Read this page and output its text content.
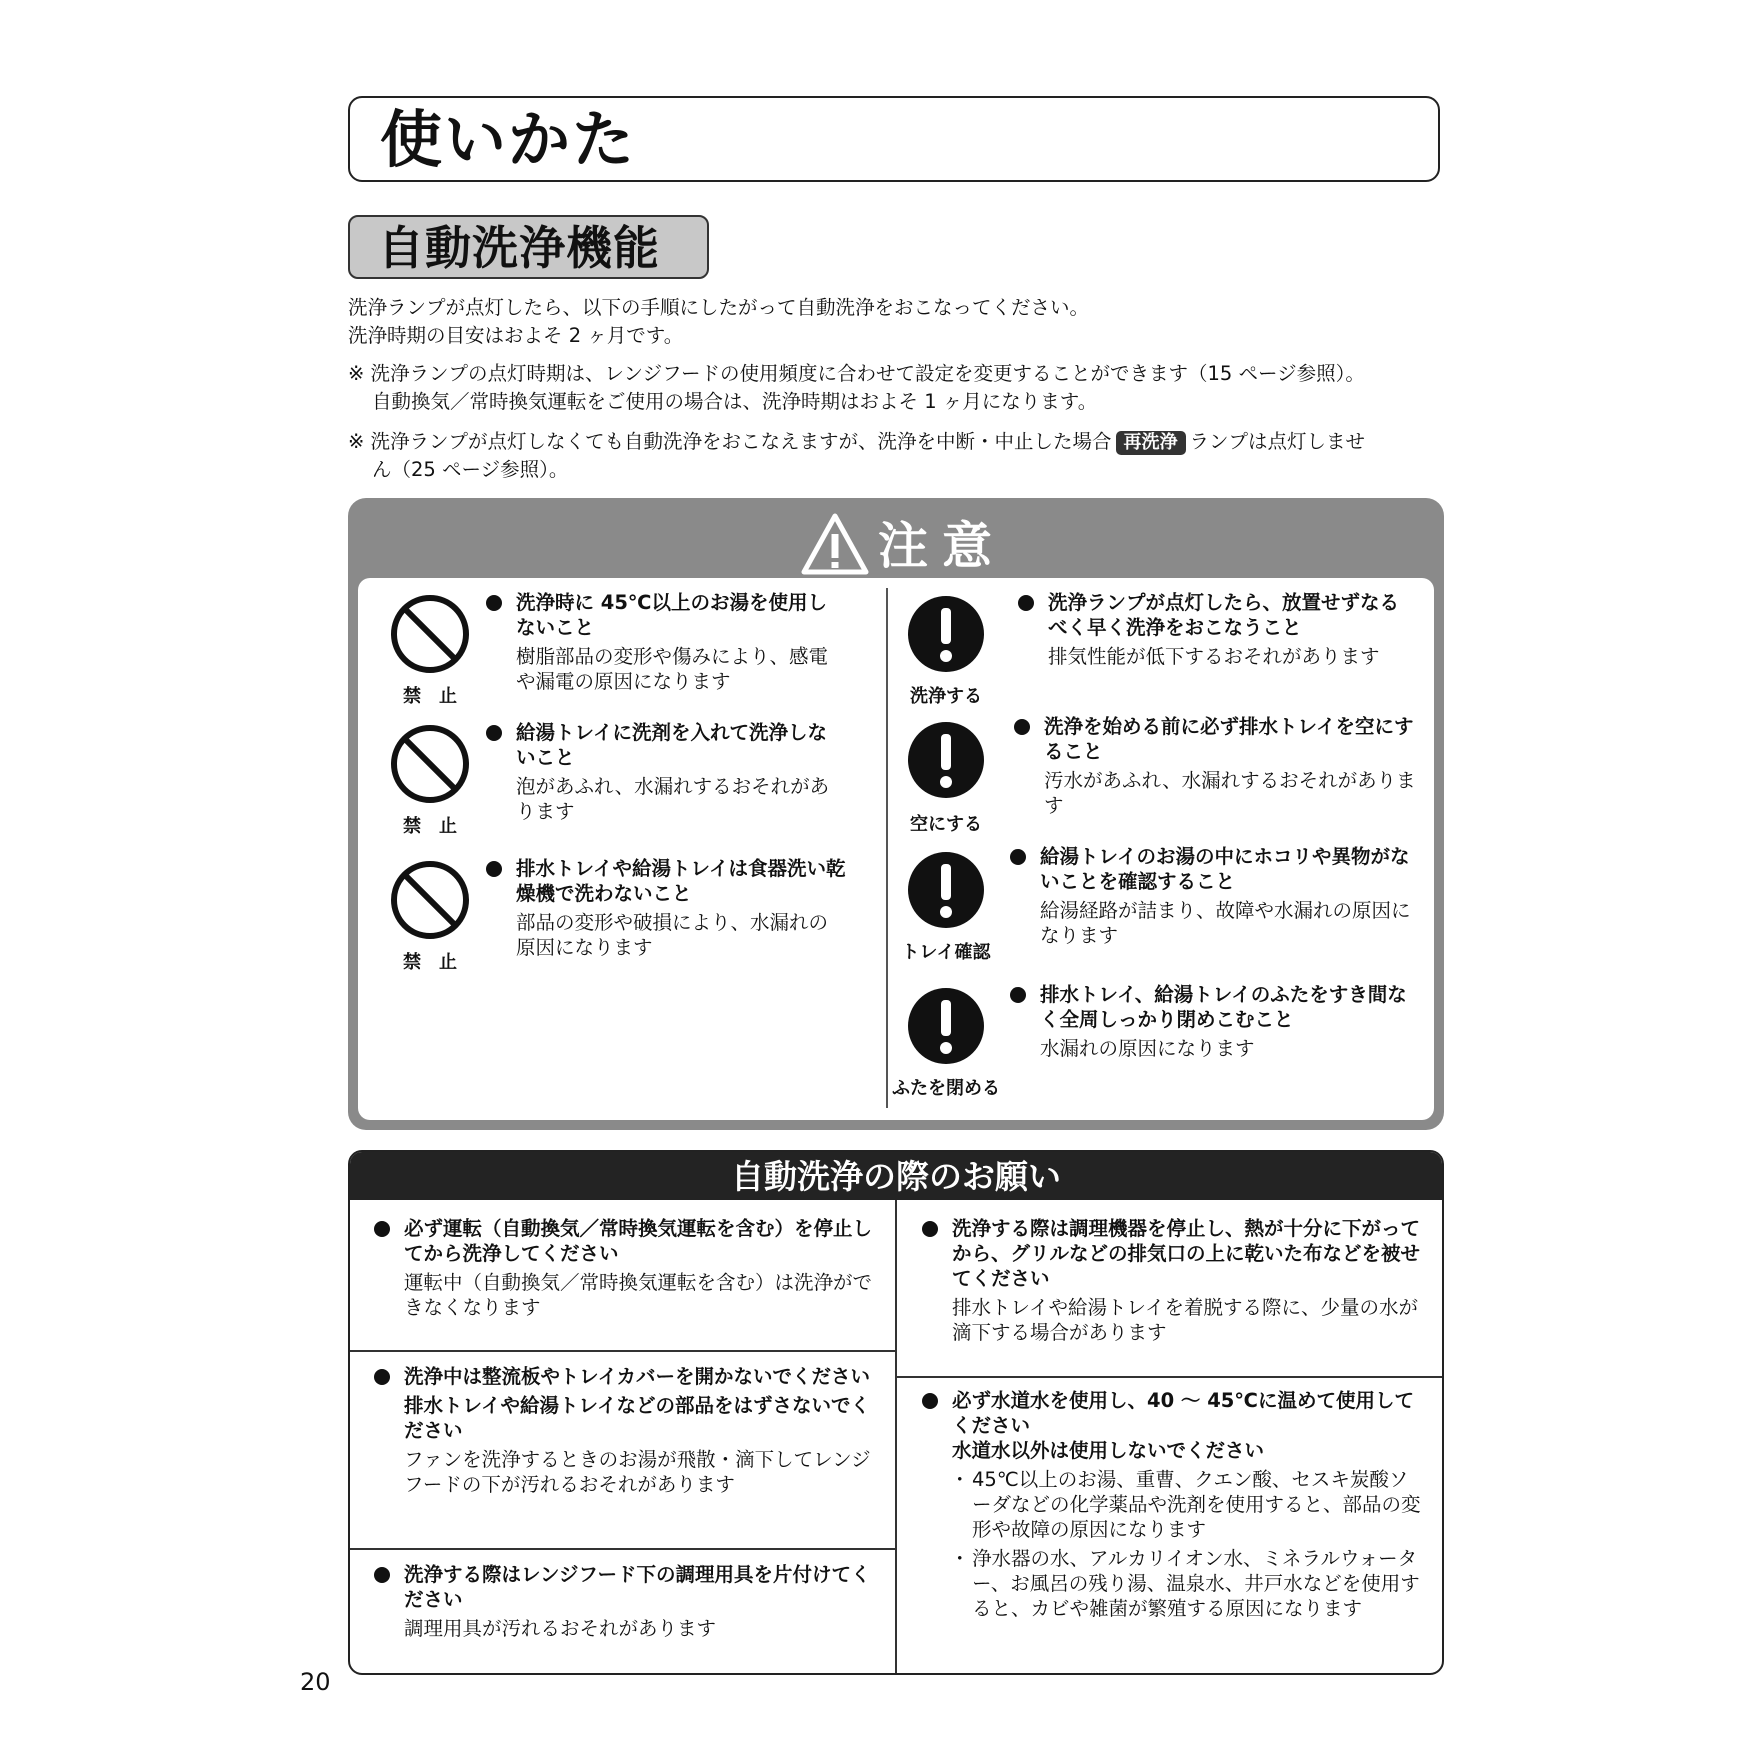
使いかた
自動洗浄機能
洗浄ランプが点灯したら、以下の手順にしたがって自動洗浄をおこなってください。
洗浄時期の目安はおよそ 2 ヶ月です。
※ 洗浄ランプの点灯時期は、レンジフードの使用頻度に合わせて設定を変更することができます（15 ページ参照）。
自動換気／常時換気運転をご使用の場合は、洗浄時期はおよそ 1 ヶ月になります。
※ 洗浄ランプが点灯しなくても自動洗浄をおこなえますが、洗浄を中断・中止した場合 再洗浄 ランプは点灯しませ
ん（25 ページ参照）。
注意
禁　止
洗浄時に 45℃以上のお湯を使用しないこと
樹脂部品の変形や傷みにより、感電や漏電の原因になります
禁　止
給湯トレイに洗剤を入れて洗浄しないこと
泡があふれ、水漏れするおそれがあります
禁　止
排水トレイや給湯トレイは食器洗い乾燥機で洗わないこと
部品の変形や破損により、水漏れの原因になります
洗浄する
洗浄ランプが点灯したら、放置せずなるべく早く洗浄をおこなうこと
排気性能が低下するおそれがあります
空にする
洗浄を始める前に必ず排水トレイを空にすること
汚水があふれ、水漏れするおそれがあります
トレイ確認
給湯トレイのお湯の中にホコリや異物がないことを確認すること
給湯経路が詰まり、故障や水漏れの原因になります
ふたを閉める
排水トレイ、給湯トレイのふたをすき間なく全周しっかり閉めこむこと
水漏れの原因になります
自動洗浄の際のお願い
必ず運転（自動換気／常時換気運転を含む）を停止してから洗浄してください
運転中（自動換気／常時換気運転を含む）は洗浄ができなくなります
洗浄中は整流板やトレイカバーを開かないでください
排水トレイや給湯トレイなどの部品をはずさないでください
ファンを洗浄するときのお湯が飛散・滴下してレンジフードの下が汚れるおそれがあります
洗浄する際はレンジフード下の調理用具を片付けてください
調理用具が汚れるおそれがあります
洗浄する際は調理機器を停止し、熱が十分に下がってから、グリルなどの排気口の上に乾いた布などを被せてください
排水トレイや給湯トレイを着脱する際に、少量の水が滴下する場合があります
必ず水道水を使用し、40 ～ 45℃に温めて使用してください
水道水以外は使用しないでください
・ 45℃以上のお湯、重曹、クエン酸、セスキ炭酸ソーダなどの化学薬品や洗剤を使用すると、部品の変形や故障の原因になります
・ 浄水器の水、アルカリイオン水、ミネラルウォーター、お風呂の残り湯、温泉水、井戸水などを使用すると、カビや雑菌が繁殖する原因になります
20
